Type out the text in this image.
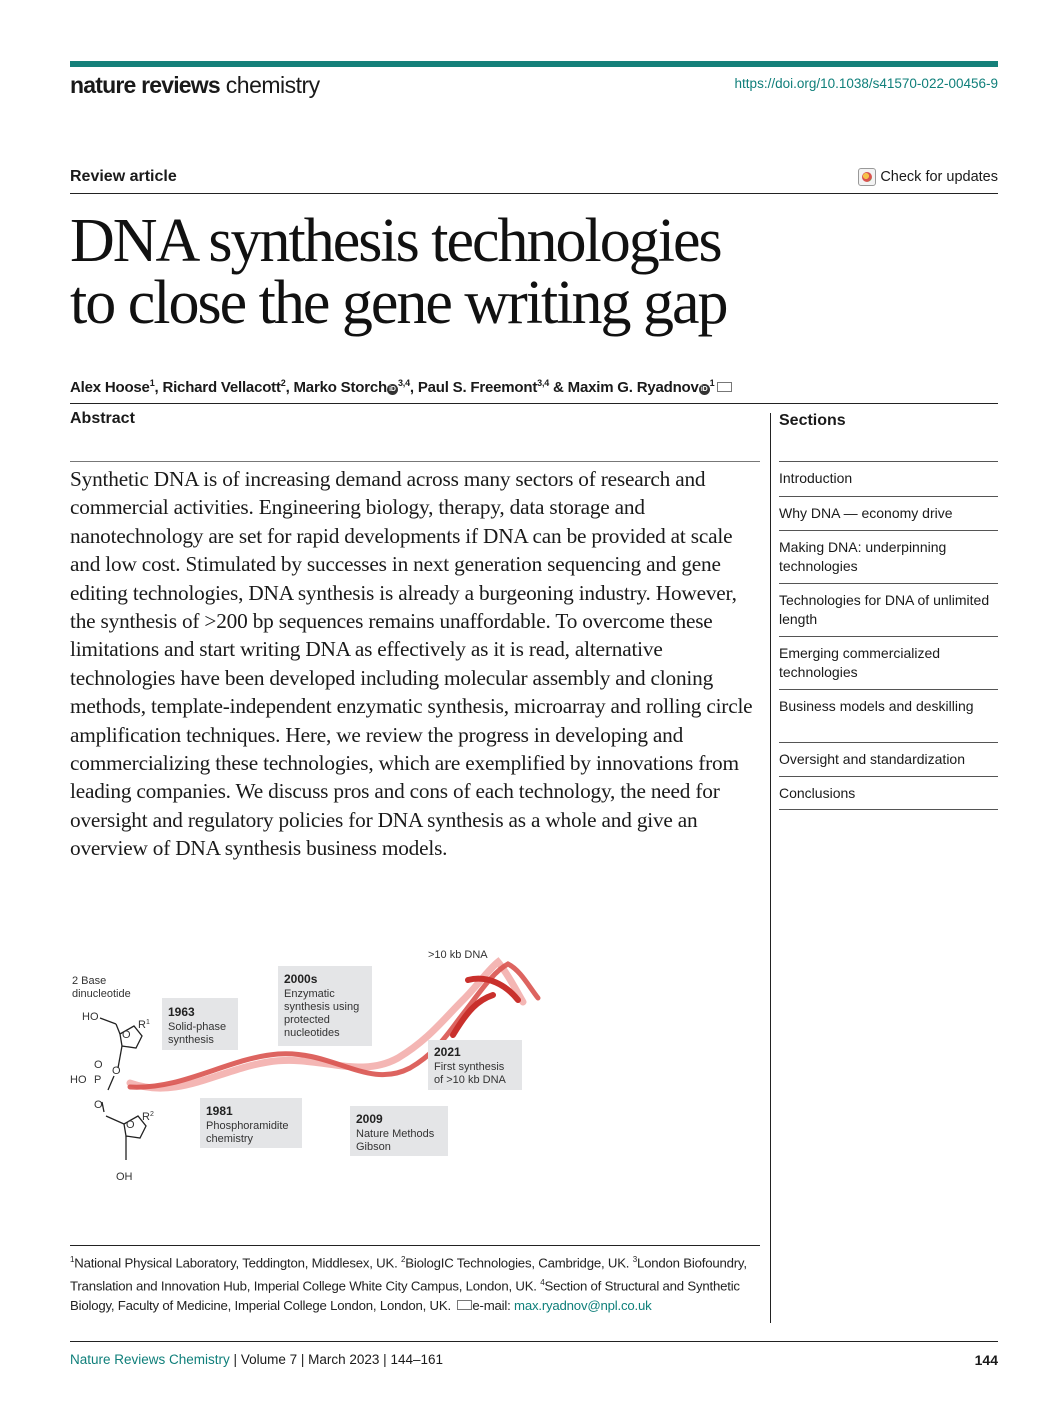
nature reviews chemistry	https://doi.org/10.1038/s41570-022-00456-9
Review article	Check for updates
DNA synthesis technologies
to close the gene writing gap
Alex Hoose$^1$, Richard Vellacott$^2$, Marko Storch iD$^{3,4}$, Paul S. Freemont$^{3,4}$ & Maxim G. Ryadnov $iD^1$
Abstract
Synthetic DNA is of increasing demand across many sectors of research and commercial activities. Engineering biology, therapy, data storage and nanotechnology are set for rapid developments if DNA can be provided at scale and low cost. Stimulated by successes in next generation sequencing and gene editing technologies, DNA synthesis is already a burgeoning industry. However, the synthesis of >200 bp sequences remains unaffordable. To overcome these limitations and start writing DNA as effectively as it is read, alternative technologies have been developed including molecular assembly and cloning methods, template-independent enzymatic synthesis, microarray and rolling circle amplification techniques. Here, we review the progress in developing and commercializing these technologies, which are exemplified by innovations from leading companies. We discuss pros and cons of each technology, the need for oversight and regulatory policies for DNA synthesis as a whole and give an overview of DNA synthesis business models.
Sections
Introduction
Why DNA — economy drive
Making DNA: underpinning technologies
Technologies for DNA of unlimited length
Emerging commercialized technologies
Business models and deskilling
Oversight and standardization
Conclusions
2 Base
dinucleotide
HO
O
$R^1$
O
HO P
O
O
O
$R^2$
OH
>10 kb DNA
1963
Solid-phase
synthesis
2000s
Enzymatic
synthesis using
protected
nucleotides
2021
First synthesis
of >10 kb DNA
1981
Phosphoramidite
chemistry
2009
Nature Methods
Gibson
$^1$National Physical Laboratory, Teddington, Middlesex, UK. $^2$BiologIC Technologies, Cambridge, UK. $^3$London Biofoundry, Translation and Innovation Hub, Imperial College White City Campus, London, UK. $^4$Section of Structural and Synthetic Biology, Faculty of Medicine, Imperial College London, London, UK. e-mail: max.ryadnov@npl.co.uk
Nature Reviews Chemistry | Volume 7 | March 2023 | 144–161	144
